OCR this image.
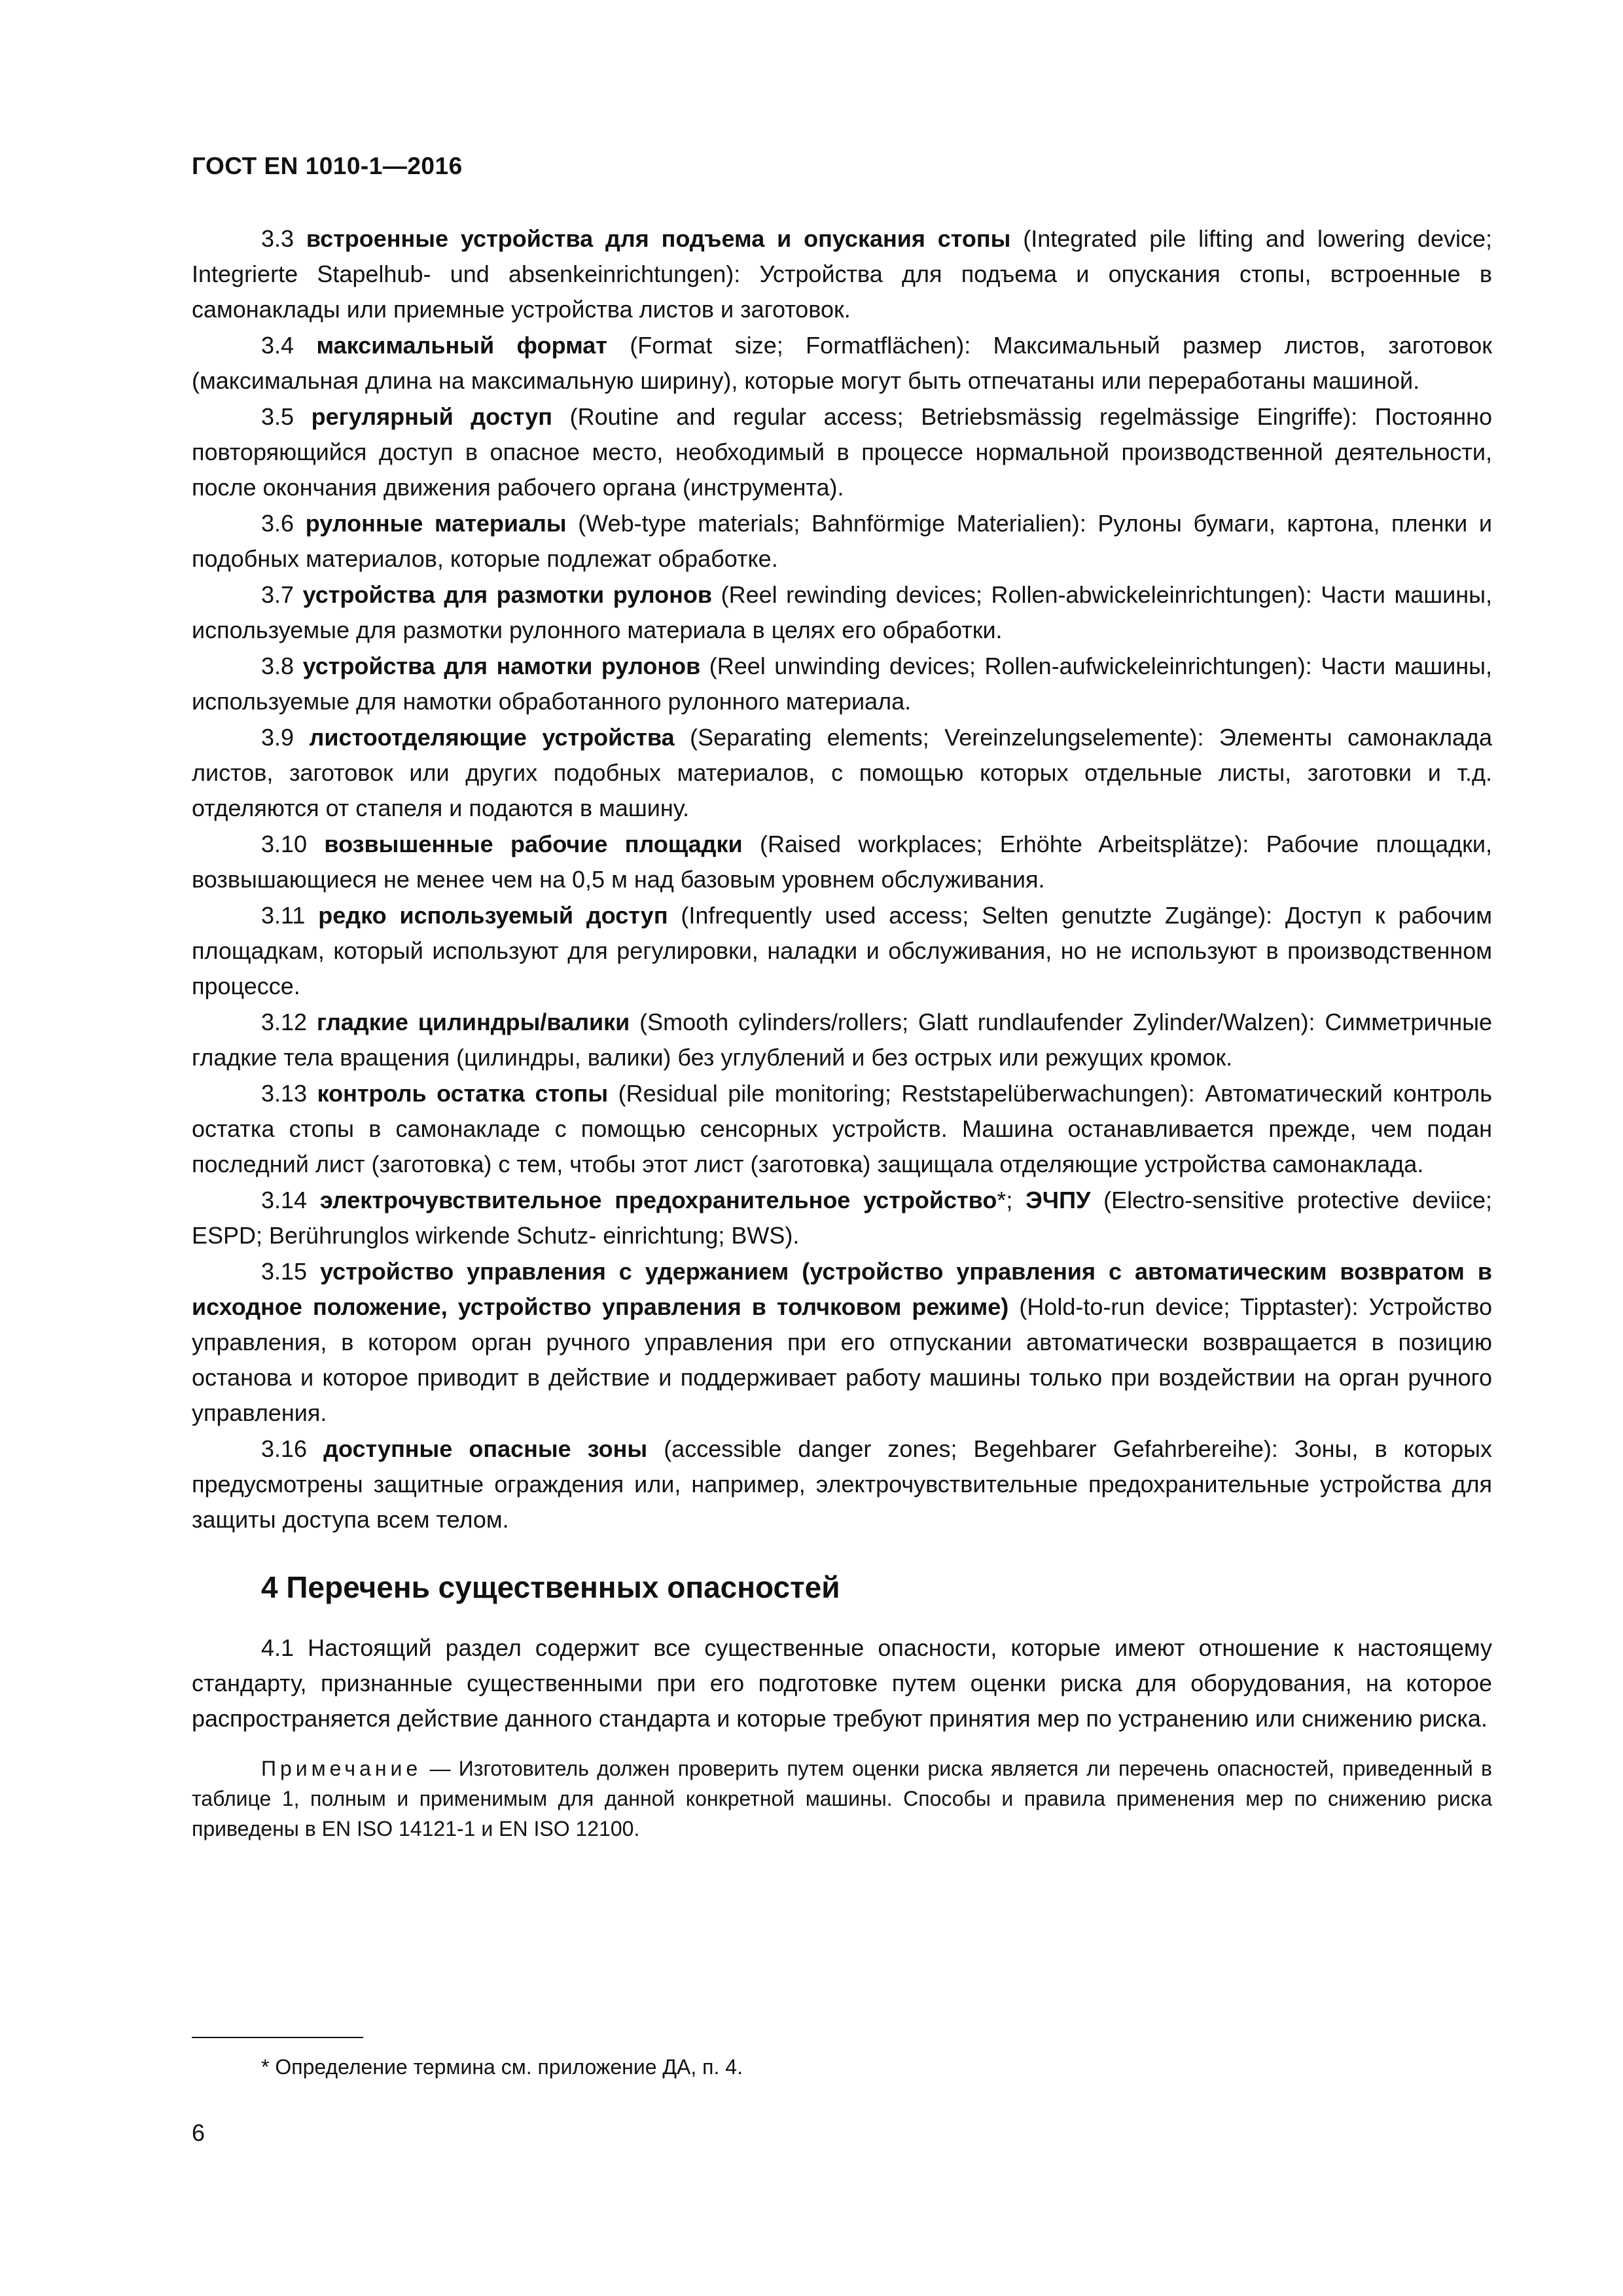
ГОСТ EN 1010-1—2016

3.3 встроенные устройства для подъема и опускания стопы (Integrated pile lifting and lowering device; Integrierte Stapelhub- und absenkeinrichtungen): Устройства для подъема и опускания стопы, встроенные в самонаклады или приемные устройства листов и заготовок.

3.4 максимальный формат (Format size; Formatflächen): Максимальный размер листов, заготовок (максимальная длина на максимальную ширину), которые могут быть отпечатаны или переработаны машиной.

3.5 регулярный доступ (Routine and regular access; Betriebsmässig regelmässige Eingriffe): Постоянно повторяющийся доступ в опасное место, необходимый в процессе нормальной производственной деятельности, после окончания движения рабочего органа (инструмента).

3.6 рулонные материалы (Web-type materials; Bahnförmige Materialien): Рулоны бумаги, картона, пленки и подобных материалов, которые подлежат обработке.

3.7 устройства для размотки рулонов (Reel rewinding devices; Rollen-abwickeleinrichtungen): Части машины, используемые для размотки рулонного материала в целях его обработки.

3.8 устройства для намотки рулонов (Reel unwinding devices; Rollen-aufwickeleinrichtungen): Части машины, используемые для намотки обработанного рулонного материала.

3.9 листоотделяющие устройства (Separating elements; Vereinzelungselemente): Элементы самонаклада листов, заготовок или других подобных материалов, с помощью которых отдельные листы, заготовки и т.д. отделяются от стапеля и подаются в машину.

3.10 возвышенные рабочие площадки (Raised workplaces; Erhöhte Arbeitsplätze): Рабочие площадки, возвышающиеся не менее чем на 0,5 м над базовым уровнем обслуживания.

3.11 редко используемый доступ (Infrequently used access; Selten genutzte Zugänge): Доступ к рабочим площадкам, который используют для регулировки, наладки и обслуживания, но не используют в производственном процессе.

3.12 гладкие цилиндры/валики (Smooth cylinders/rollers; Glatt rundlaufender Zylinder/Walzen): Симметричные гладкие тела вращения (цилиндры, валики) без углублений и без острых или режущих кромок.

3.13 контроль остатка стопы (Residual pile monitoring; Reststapelüberwachungen): Автоматический контроль остатка стопы в самонакладе с помощью сенсорных устройств. Машина останавливается прежде, чем подан последний лист (заготовка) с тем, чтобы этот лист (заготовка) защищала отделяющие устройства самонаклада.

3.14 электрочувствительное предохранительное устройство*; ЭЧПУ (Electro-sensitive protective deviice; ESPD; Berührunglos wirkende Schutz- einrichtung; BWS).

3.15 устройство управления с удержанием (устройство управления с автоматическим возвратом в исходное положение, устройство управления в толчковом режиме) (Hold-to-run device; Tipptaster): Устройство управления, в котором орган ручного управления при его отпускании автоматически возвращается в позицию останова и которое приводит в действие и поддерживает работу машины только при воздействии на орган ручного управления.

3.16 доступные опасные зоны (accessible danger zones; Begehbarer Gefahrbereihe): Зоны, в которых предусмотрены защитные ограждения или, например, электрочувствительные предохранительные устройства для защиты доступа всем телом.

4 Перечень существенных опасностей

4.1 Настоящий раздел содержит все существенные опасности, которые имеют отношение к настоящему стандарту, признанные существенными при его подготовке путем оценки риска для оборудования, на которое распространяется действие данного стандарта и которые требуют принятия мер по устранению или снижению риска.

Примечание — Изготовитель должен проверить путем оценки риска является ли перечень опасностей, приведенный в таблице 1, полным и применимым для данной конкретной машины. Способы и правила применения мер по снижению риска приведены в EN ISO 14121-1 и EN ISO 12100.
* Определение термина см. приложение ДА, п. 4.
6
